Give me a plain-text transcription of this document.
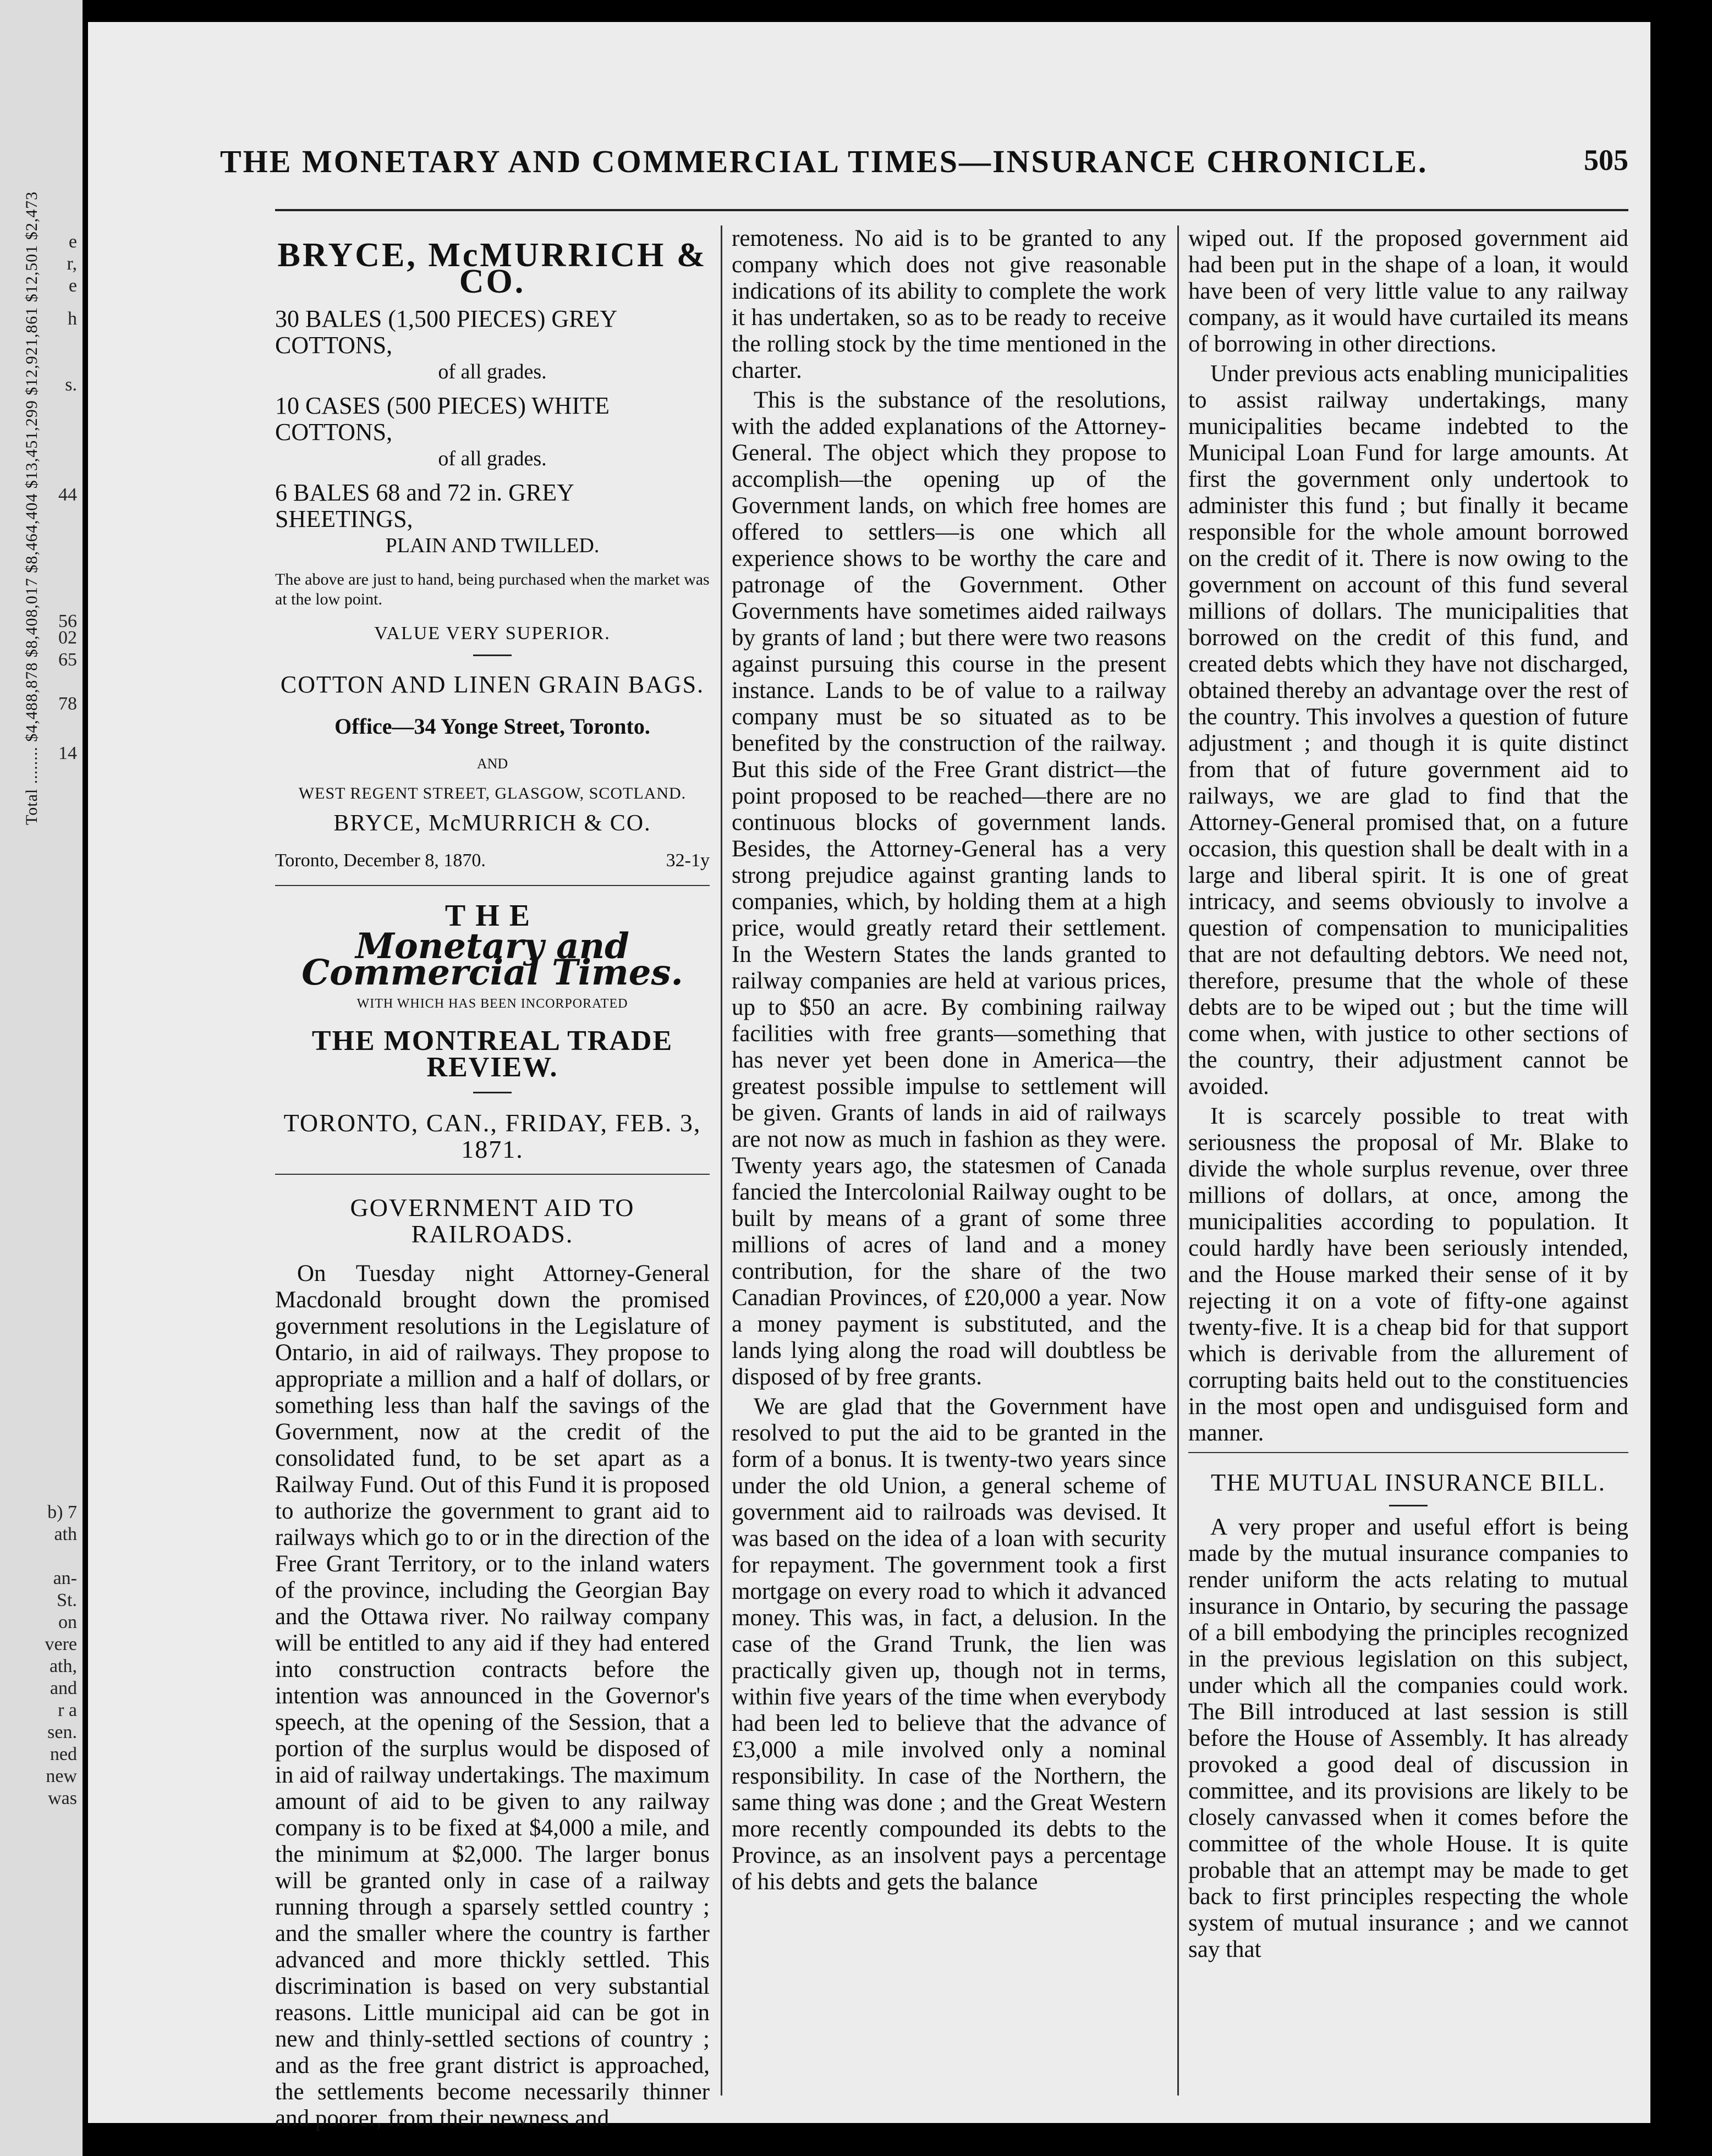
Total ........ $4,488,878 $8,408,017 $8,464,404 $13,451,299 $12,921,861 $12,501 $2,473 e
r,
e
h
s.
44
56
02
65
78
14
b) 7
ath
an-
St.
on
vere
ath,
and
r a
sen.
ned
new
was
THE MONETARY AND COMMERCIAL TIMES—INSURANCE CHRONICLE.	505
BRYCE, McMURRICH & CO.
30 BALES (1,500 PIECES) GREY COTTONS,
of all grades.
10 CASES (500 PIECES) WHITE COTTONS,
of all grades.
6 BALES 68 and 72 in. GREY SHEETINGS,
PLAIN AND TWILLED.
The above are just to hand, being purchased when the market was at the low point.
VALUE VERY SUPERIOR.
COTTON AND LINEN GRAIN BAGS.
Office—34 Yonge Street, Toronto.
AND
WEST REGENT STREET, GLASGOW, SCOTLAND.
BRYCE, McMURRICH & CO.
Toronto, December 8, 1870.	32-1y
THE
Monetary and Commercial Times.
WITH WHICH HAS BEEN INCORPORATED
THE MONTREAL TRADE REVIEW.
TORONTO, CAN., FRIDAY, FEB. 3, 1871.
GOVERNMENT AID TO RAILROADS.

On Tuesday night Attorney-General Macdonald brought down the promised government resolutions in the Legislature of Ontario, in aid of railways. They propose to appropriate a million and a half of dollars, or something less than half the savings of the Government, now at the credit of the consolidated fund, to be set apart as a Railway Fund. Out of this Fund it is proposed to authorize the government to grant aid to railways which go to or in the direction of the Free Grant Territory, or to the inland waters of the province, including the Georgian Bay and the Ottawa river. No railway company will be entitled to any aid if they had entered into construction contracts before the intention was announced in the Governor's speech, at the opening of the Session, that a portion of the surplus would be disposed of in aid of railway undertakings. The maximum amount of aid to be given to any railway company is to be fixed at $4,000 a mile, and the minimum at $2,000. The larger bonus will be granted only in case of a railway running through a sparsely settled country ; and the smaller where the country is farther advanced and more thickly settled. This discrimination is based on very substantial reasons. Little municipal aid can be got in new and thinly-settled sections of country ; and as the free grant district is approached, the settlements become necessarily thinner and poorer, from their newness and

remoteness. No aid is to be granted to any company which does not give reasonable indications of its ability to complete the work it has undertaken, so as to be ready to receive the rolling stock by the time mentioned in the charter.

This is the substance of the resolutions, with the added explanations of the Attorney-General. The object which they propose to accomplish—the opening up of the Government lands, on which free homes are offered to settlers—is one which all experience shows to be worthy the care and patronage of the Government. Other Governments have sometimes aided railways by grants of land ; but there were two reasons against pursuing this course in the present instance. Lands to be of value to a railway company must be so situated as to be benefited by the construction of the railway. But this side of the Free Grant district—the point proposed to be reached—there are no continuous blocks of government lands. Besides, the Attorney-General has a very strong prejudice against granting lands to companies, which, by holding them at a high price, would greatly retard their settlement. In the Western States the lands granted to railway companies are held at various prices, up to $50 an acre. By combining railway facilities with free grants—something that has never yet been done in America—the greatest possible impulse to settlement will be given. Grants of lands in aid of railways are not now as much in fashion as they were. Twenty years ago, the statesmen of Canada fancied the Intercolonial Railway ought to be built by means of a grant of some three millions of acres of land and a money contribution, for the share of the two Canadian Provinces, of £20,000 a year. Now a money payment is substituted, and the lands lying along the road will doubtless be disposed of by free grants.

We are glad that the Government have resolved to put the aid to be granted in the form of a bonus. It is twenty-two years since under the old Union, a general scheme of government aid to railroads was devised. It was based on the idea of a loan with security for repayment. The government took a first mortgage on every road to which it advanced money. This was, in fact, a delusion. In the case of the Grand Trunk, the lien was practically given up, though not in terms, within five years of the time when everybody had been led to believe that the advance of £3,000 a mile involved only a nominal responsibility. In case of the Northern, the same thing was done ; and the Great Western more recently compounded its debts to the Province, as an insolvent pays a percentage of his debts and gets the balance

wiped out. If the proposed government aid had been put in the shape of a loan, it would have been of very little value to any railway company, as it would have curtailed its means of borrowing in other directions.

Under previous acts enabling municipalities to assist railway undertakings, many municipalities became indebted to the Municipal Loan Fund for large amounts. At first the government only undertook to administer this fund ; but finally it became responsible for the whole amount borrowed on the credit of it. There is now owing to the government on account of this fund several millions of dollars. The municipalities that borrowed on the credit of this fund, and created debts which they have not discharged, obtained thereby an advantage over the rest of the country. This involves a question of future adjustment ; and though it is quite distinct from that of future government aid to railways, we are glad to find that the Attorney-General promised that, on a future occasion, this question shall be dealt with in a large and liberal spirit. It is one of great intricacy, and seems obviously to involve a question of compensation to municipalities that are not defaulting debtors. We need not, therefore, presume that the whole of these debts are to be wiped out ; but the time will come when, with justice to other sections of the country, their adjustment cannot be avoided.

It is scarcely possible to treat with seriousness the proposal of Mr. Blake to divide the whole surplus revenue, over three millions of dollars, at once, among the municipalities according to population. It could hardly have been seriously intended, and the House marked their sense of it by rejecting it on a vote of fifty-one against twenty-five. It is a cheap bid for that support which is derivable from the allurement of corrupting baits held out to the constituencies in the most open and undisguised form and manner.

THE MUTUAL INSURANCE BILL.

A very proper and useful effort is being made by the mutual insurance companies to render uniform the acts relating to mutual insurance in Ontario, by securing the passage of a bill embodying the principles recognized in the previous legislation on this subject, under which all the companies could work. The Bill introduced at last session is still before the House of Assembly. It has already provoked a good deal of discussion in committee, and its provisions are likely to be closely canvassed when it comes before the committee of the whole House. It is quite probable that an attempt may be made to get back to first principles respecting the whole system of mutual insurance ; and we cannot say that
